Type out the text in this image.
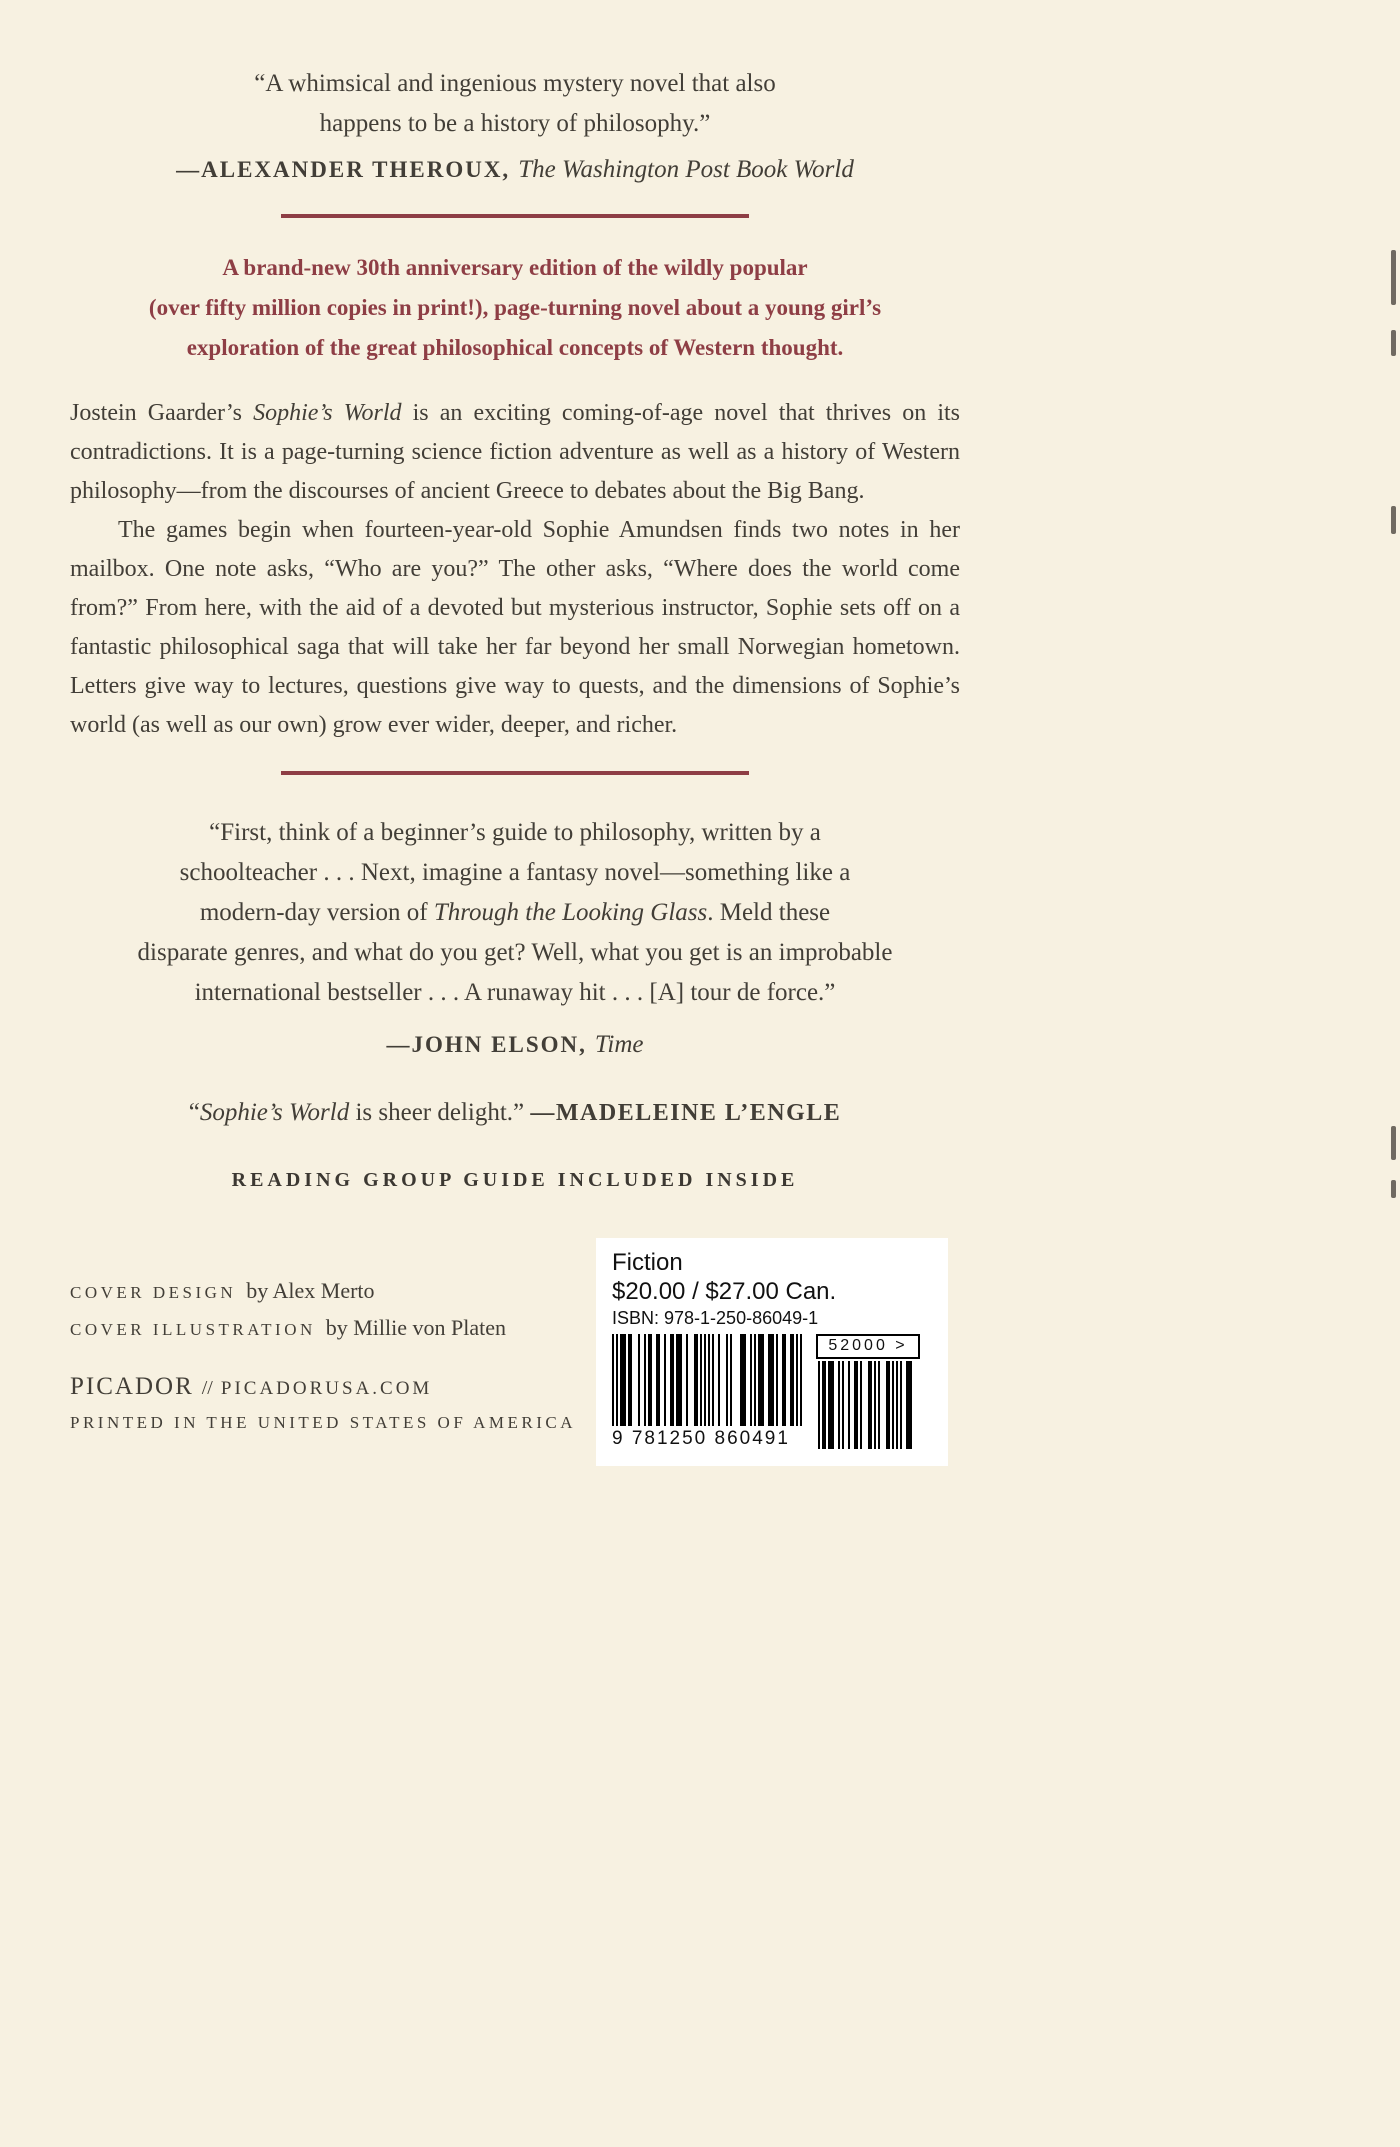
“A whimsical and ingenious mystery novel that also
happens to be a history of philosophy.”
—ALEXANDER THEROUX, The Washington Post Book World
A brand-new 30th anniversary edition of the wildly popular
(over fifty million copies in print!), page-turning novel about a young girl’s
exploration of the great philosophical concepts of Western thought.

Jostein Gaarder’s Sophie’s World is an exciting coming-of-age novel that thrives on its contradictions. It is a page-turning science fiction adventure as well as a history of Western philosophy—from the discourses of ancient Greece to debates about the Big Bang.

The games begin when fourteen-year-old Sophie Amundsen finds two notes in her mailbox. One note asks, “Who are you?” The other asks, “Where does the world come from?” From here, with the aid of a devoted but mysterious instructor, Sophie sets off on a fantastic philosophical saga that will take her far beyond her small Norwegian hometown. Letters give way to lectures, questions give way to quests, and the dimensions of Sophie’s world (as well as our own) grow ever wider, deeper, and richer.

“First, think of a beginner’s guide to philosophy, written by a
schoolteacher . . . Next, imagine a fantasy novel—something like a
modern-day version of Through the Looking Glass. Meld these
disparate genres, and what do you get? Well, what you get is an improbable
international bestseller . . . A runaway hit . . . [A] tour de force.”
—JOHN ELSON, Time
“Sophie’s World is sheer delight.” —MADELEINE L’ENGLE
READING GROUP GUIDE INCLUDED INSIDE
COVER DESIGN by Alex Merto
COVER ILLUSTRATION by Millie von Platen
PICADOR // PICADORUSA.COM
PRINTED IN THE UNITED STATES OF AMERICA
Fiction
$20.00 / $27.00 Can.
ISBN: 978-1-250-86049-1
9 781250 860491
52000 >
